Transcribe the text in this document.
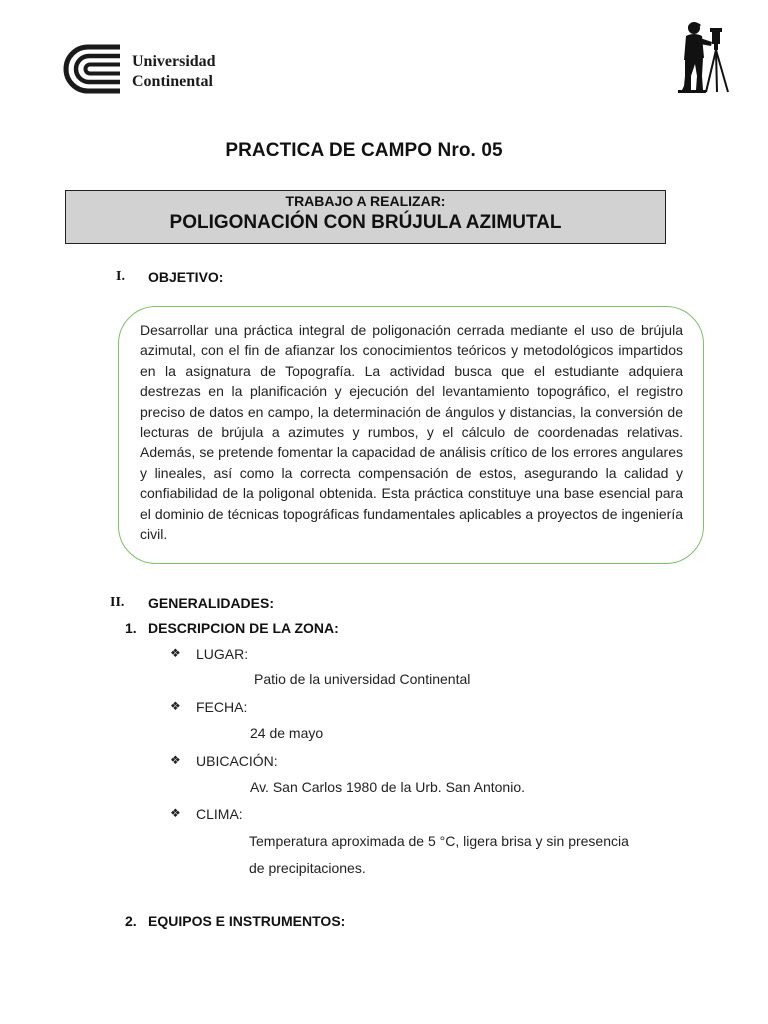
Universidad
Continental
PRACTICA DE CAMPO Nro. 05
TRABAJO A REALIZAR:
POLIGONACIÓN CON BRÚJULA AZIMUTAL
I. OBJETIVO:
Desarrollar una práctica integral de poligonación cerrada mediante el uso de brújula azimutal, con el fin de afianzar los conocimientos teóricos y metodológicos impartidos en la asignatura de Topografía. La actividad busca que el estudiante adquiera destrezas en la planificación y ejecución del levantamiento topográfico, el registro preciso de datos en campo, la determinación de ángulos y distancias, la conversión de lecturas de brújula a azimutes y rumbos, y el cálculo de coordenadas relativas. Además, se pretende fomentar la capacidad de análisis crítico de los errores angulares y lineales, así como la correcta compensación de estos, asegurando la calidad y confiabilidad de la poligonal obtenida. Esta práctica constituye una base esencial para el dominio de técnicas topográficas fundamentales aplicables a proyectos de ingeniería civil.
II. GENERALIDADES:
1. DESCRIPCION DE LA ZONA:
❖ LUGAR:
Patio de la universidad Continental
❖ FECHA:
24 de mayo
❖ UBICACIÓN:
Av. San Carlos 1980 de la Urb. San Antonio.
❖ CLIMA:
Temperatura aproximada de 5 °C, ligera brisa y sin presencia
de precipitaciones.
2. EQUIPOS E INSTRUMENTOS:
